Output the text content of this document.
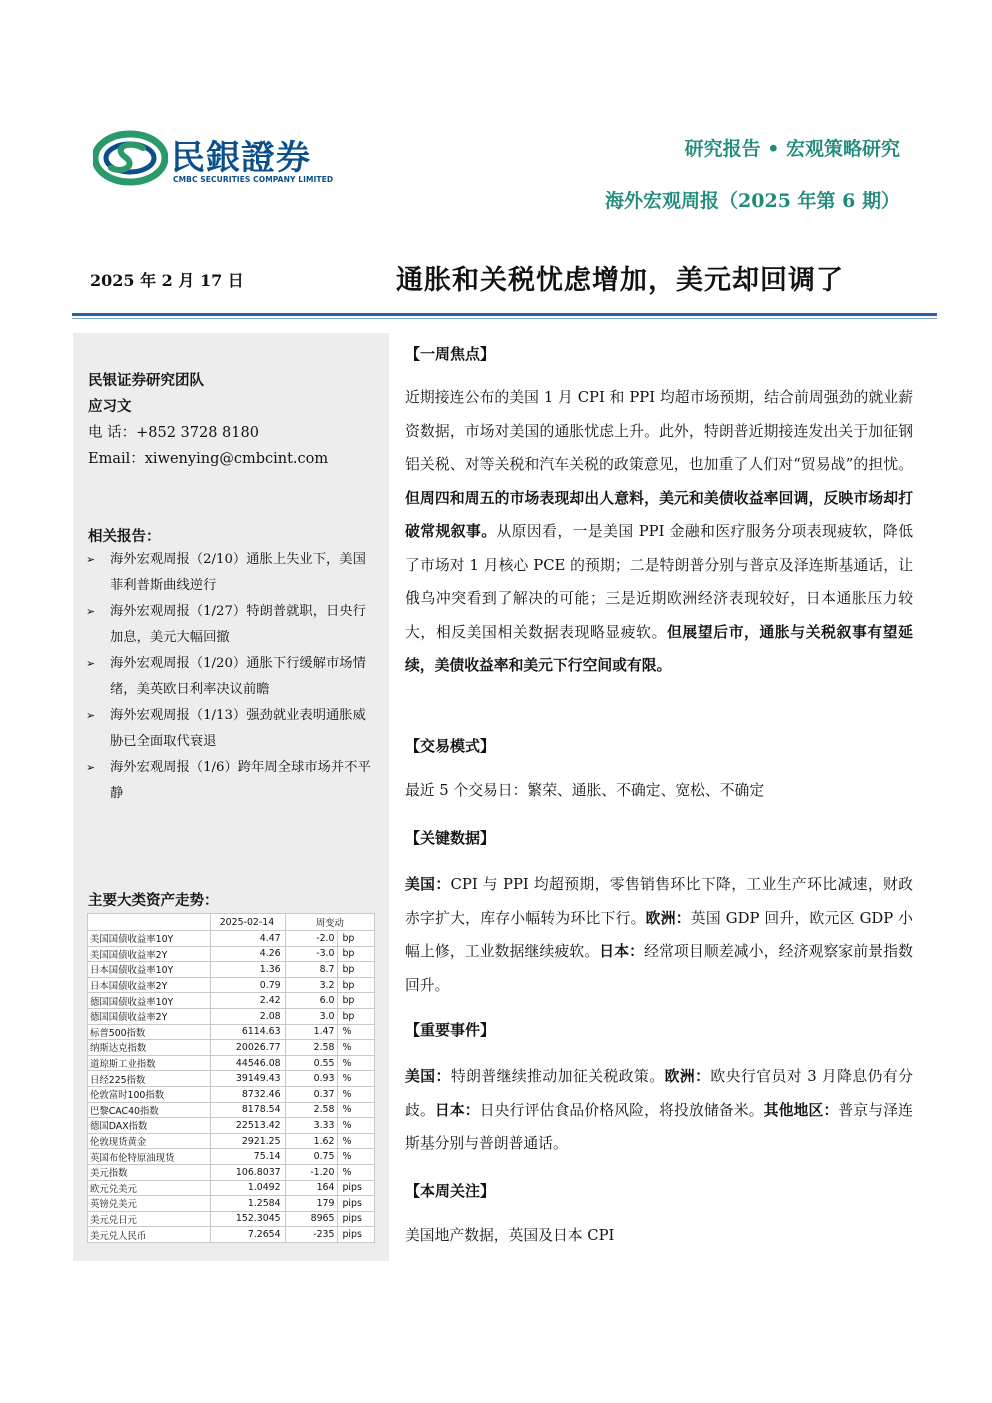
民銀證券
CMBC SECURITIES COMPANY LIMITED
研究报告 • 宏观策略研究
海外宏观周报（2025 年第 6 期）
2025 年 2 月 17 日	通胀和关税忧虑增加，美元却回调了
民银证券研究团队
应习文
电 话：+852 3728 8180
Email：xiwenying@cmbcint.com
相关报告：
➢ 海外宏观周报（2/10）通胀上失业下，美国菲利普斯曲线逆行
➢ 海外宏观周报（1/27）特朗普就职，日央行加息，美元大幅回撤
➢ 海外宏观周报（1/20）通胀下行缓解市场情绪，美英欧日利率决议前瞻
➢ 海外宏观周报（1/13）强劲就业表明通胀威胁已全面取代衰退
➢ 海外宏观周报（1/6）跨年周全球市场并不平静
主要大类资产走势：
	2025-02-14	周变动	
美国国债收益率10Y	4.47	-2.0	bp
美国国债收益率2Y	4.26	-3.0	bp
日本国债收益率10Y	1.36	8.7	bp
日本国债收益率2Y	0.79	3.2	bp
德国国债收益率10Y	2.42	6.0	bp
德国国债收益率2Y	2.08	3.0	bp
标普500指数	6114.63	1.47	%
纳斯达克指数	20026.77	2.58	%
道琼斯工业指数	44546.08	0.55	%
日经225指数	39149.43	0.93	%
伦敦富时100指数	8732.46	0.37	%
巴黎CAC40指数	8178.54	2.58	%
德国DAX指数	22513.42	3.33	%
伦敦现货黄金	2921.25	1.62	%
英国布伦特原油现货	75.14	0.75	%
美元指数	106.8037	-1.20	%
欧元兑美元	1.0492	164	pips
英镑兑美元	1.2584	179	pips
美元兑日元	152.3045	8965	pips
美元兑人民币	7.2654	-235	pips
【一周焦点】

近期接连公布的美国 1 月 CPI 和 PPI 均超市场预期，结合前周强劲的就业薪资数据，市场对美国的通胀忧虑上升。此外，特朗普近期接连发出关于加征钢铝关税、对等关税和汽车关税的政策意见，也加重了人们对“贸易战”的担忧。但周四和周五的市场表现却出人意料，美元和美债收益率回调，反映市场却打破常规叙事。从原因看，一是美国 PPI 金融和医疗服务分项表现疲软，降低了市场对 1 月核心 PCE 的预期；二是特朗普分别与普京及泽连斯基通话，让俄乌冲突看到了解决的可能；三是近期欧洲经济表现较好，日本通胀压力较大，相反美国相关数据表现略显疲软。但展望后市，通胀与关税叙事有望延续，美债收益率和美元下行空间或有限。

【交易模式】

最近 5 个交易日：繁荣、通胀、不确定、宽松、不确定

【关键数据】

美国：CPI 与 PPI 均超预期，零售销售环比下降，工业生产环比减速，财政赤字扩大，库存小幅转为环比下行。欧洲：英国 GDP 回升，欧元区 GDP 小幅上修，工业数据继续疲软。日本：经常项目顺差减小，经济观察家前景指数回升。

【重要事件】

美国：特朗普继续推动加征关税政策。欧洲：欧央行官员对 3 月降息仍有分歧。日本：日央行评估食品价格风险，将投放储备米。其他地区：普京与泽连斯基分别与普朗普通话。

【本周关注】

美国地产数据，英国及日本 CPI
